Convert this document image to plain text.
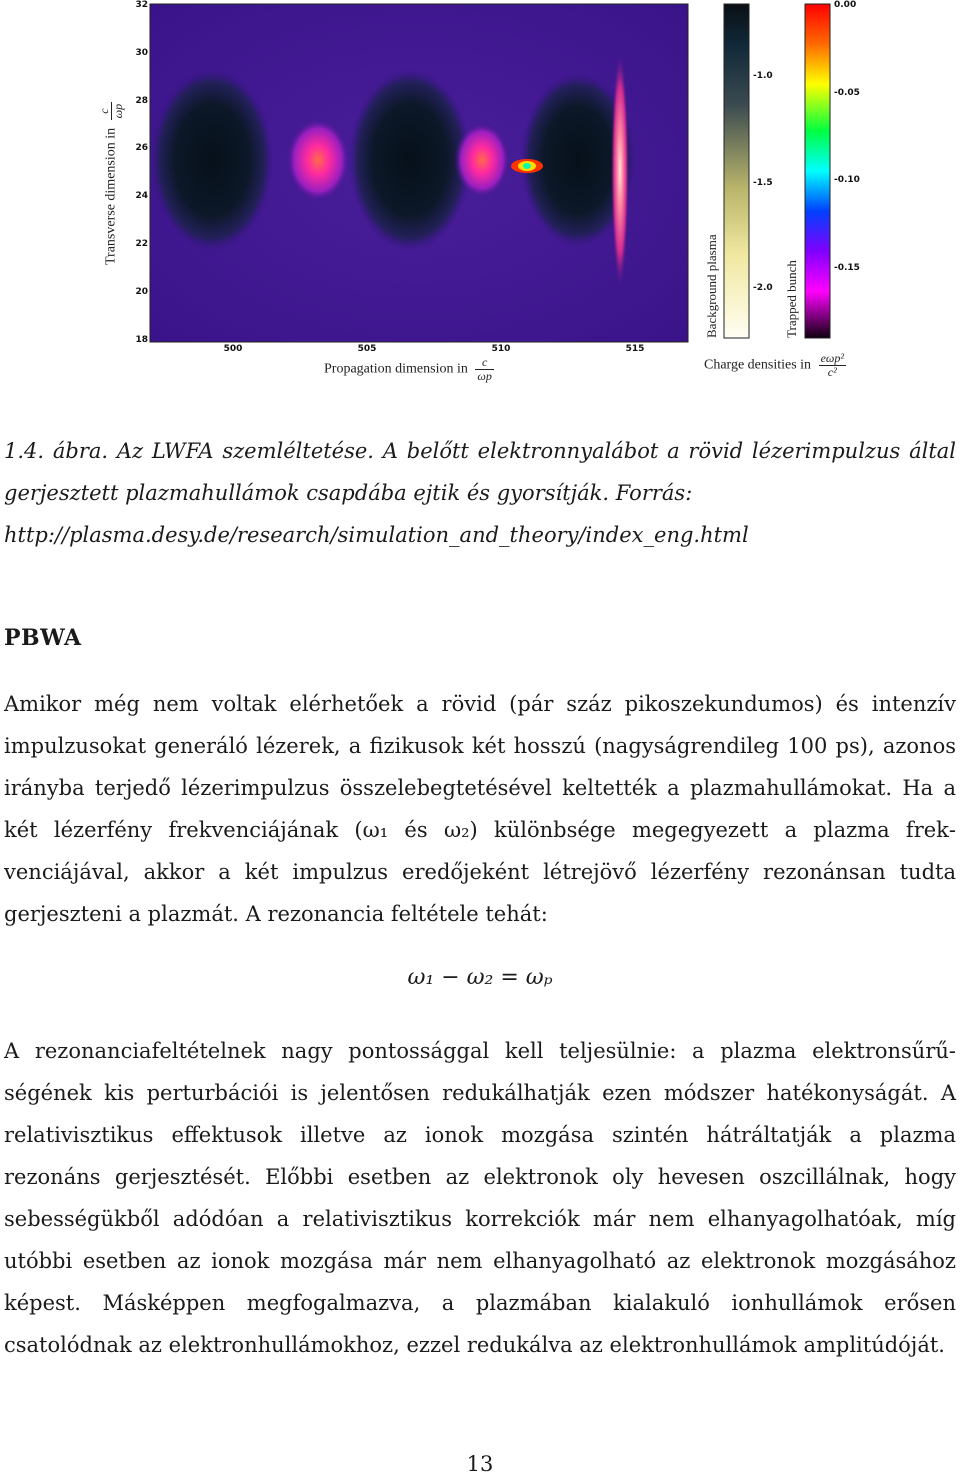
32
30
28
26
24
22
20
18
500	505	510	515
Transverse dimension in
c ωp
Propagation dimension in $\frac{c}{\omega p}$
-1.0
-1.5
-2.0
0.00
-0.05
-0.10
-0.15
Background plasma	Trapped bunch
Charge densities in $\frac{\text{eωp²}}{\text{c²}}$
1.4. ábra. Az LWFA szemléltetése. A belőtt elektronnyalábot a rövid lézerimpulzus által gerjesztett plazmahullámok csapdába ejtik és gyorsítják. Forrás:
http://plasma.desy.de/research/simulation_and_theory/index_eng.html
PBWA
Amikor még nem voltak elérhetőek a rövid (pár száz pikoszekundumos) és intenzív impulzusokat generáló lézerek, a fizikusok két hosszú (nagyságrendileg 100 ps), azonos irányba terjedő lézerimpulzus összelebegtetésével keltették a plazmahullámokat. Ha a két lézerfény frekvenciájának (ω₁ és ω₂) különbsége megegyezett a plazma frekvenciájával, akkor a két impulzus eredőjeként létrejövő lézerfény rezonánsan tudta gerjeszteni a plazmát. A rezonancia feltétele tehát:
ω₁ − ω₂ = ωₚ
A rezonanciafeltételnek nagy pontossággal kell teljesülnie: a plazma elektronsűrűségének kis perturbációi is jelentősen redukálhatják ezen módszer hatékonyságát. A relativisztikus effektusok illetve az ionok mozgása szintén hátráltatják a plazma rezonáns gerjesztését. Előbbi esetben az elektronok oly hevesen oszcillálnak, hogy sebességükből adódóan a relativisztikus korrekciók már nem elhanyagolhatóak, míg utóbbi esetben az ionok mozgása már nem elhanyagolható az elektronok mozgásához képest. Másképpen megfogalmazva, a plazmában kialakuló ionhullámok erősen csatolódnak az elektronhullámokhoz, ezzel redukálva az elektronhullámok amplitúdóját.
13
